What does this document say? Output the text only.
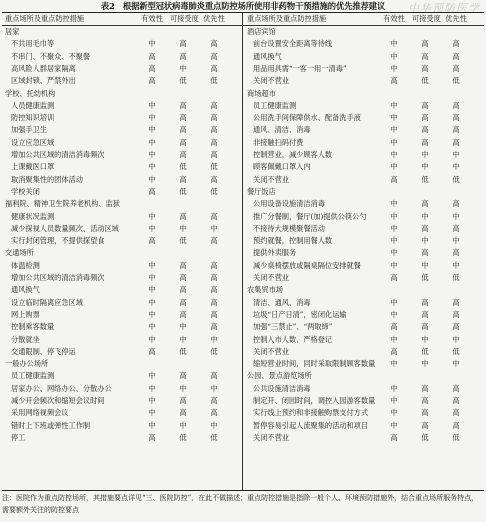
表2　根据新型冠状病毒肺炎重点防控场所使用非药物干预措施的优先推荐建议	中华预防医学
重点场所及重点防控措施	有效性	可接受度 优先性
居家
不共用毛巾等	中	高	高
不串门、不聚众、不聚餐	高	高	高
高风险人群居家隔离	高	中	高
区域封锁、严禁外出	高	低	低
学校、托幼机构
人员健康监测	中	高	高
防控知识培训	中	高	高
加强手卫生	中	高	高
设立应急区域	中	高	高
增加公共区域的清洁消毒频次	中	高	高
上课戴医口罩	中	低	低
取消聚集性的团体活动	中	高	高
学校关闭	高	低	低
福利院、精神卫生院养老机构、监狱
健康状况监测	中	高	高
减少探视人员数量频次、活动区域	中	中	中
实行封闭管理，不提供探望食	高	低	高
交通场所
体温检测	中	高	高
增加公共区域的清洁消毒频次	中	高	高
通风换气	中	高	高
设立临时隔离应急区域	中	高	高
网上购票	中	高	高
控制乘客数量	中	中	高
分散就坐	中	中	中
交通限制、停飞停运	高	低	低
一般办公场所
员工健康监测	中	高	高
居家办公、网络办公、分散办公	中	中	中
减少开会频次和缩短会议时间	中	高	高
采用网络视频会议	中	高	高
错时上下班或弹性工作制	中	中	中
停工	高	低	低
重点场所及重点防控措施	有效性	可接受度 优先性
酒店宾馆
前台设置安全距离等待线	中	高	高
通风换气	中	高	高
用品用具需“一客一用一清毒”	中	高	高
关闭不营业	高	低	低
商场超市
员工健康监测	中	高	高
公用洗手间保障供水、配备洗手液	中	高	高
通风、清洁、消毒	中	高	高
非接触扫码付费	中	高	高
控制营业，减少顾客人数	中	中	中
顾客佩戴口罩入内	中	中	中
关闭不营业	高	低	低
餐厅饭店
公用设备设施清洁消毒	中	高	高
推广分餐制，餐厅(加)提供公筷公勺	中	中	中
不接待大规模聚餐活动	中	高	高
预约就餐，控制用餐人数	中	中	中
提供外卖服务	中	高	高
减少桌椅摆放或隔桌隔位安排就餐	中	中	中
关闭不营业	高	低	低
农集贸市场
清洁、通风、消毒	中	高	高
垃圾“日产日清”，密闭化运输	中	高	高
加强“三禁止”、“两取缔”	高	高	高
控制入市人数、严格登记	中	中	中
关闭不营业	高	低	低
缩短营业时间，同时采取限制顾客数量	中	中	中
公园、景点游览场所
公共设施清洁消毒	中	高	高
制定开、闭园时间，调控入园游客数量	中	高	高
实行线上预约和非接触购票支付方式	中	高	高
暂停容易引起人流聚集的活动和项目	中	高	高
关闭不营业	高	低	低
注：医院作为重点防控场所，其措施要点详见“三、医院防控”，在此不做描述；重点防控措施是指除一般个人、环境预防措施外，结合重点场所服务特点，需要额外关注的防控要点
